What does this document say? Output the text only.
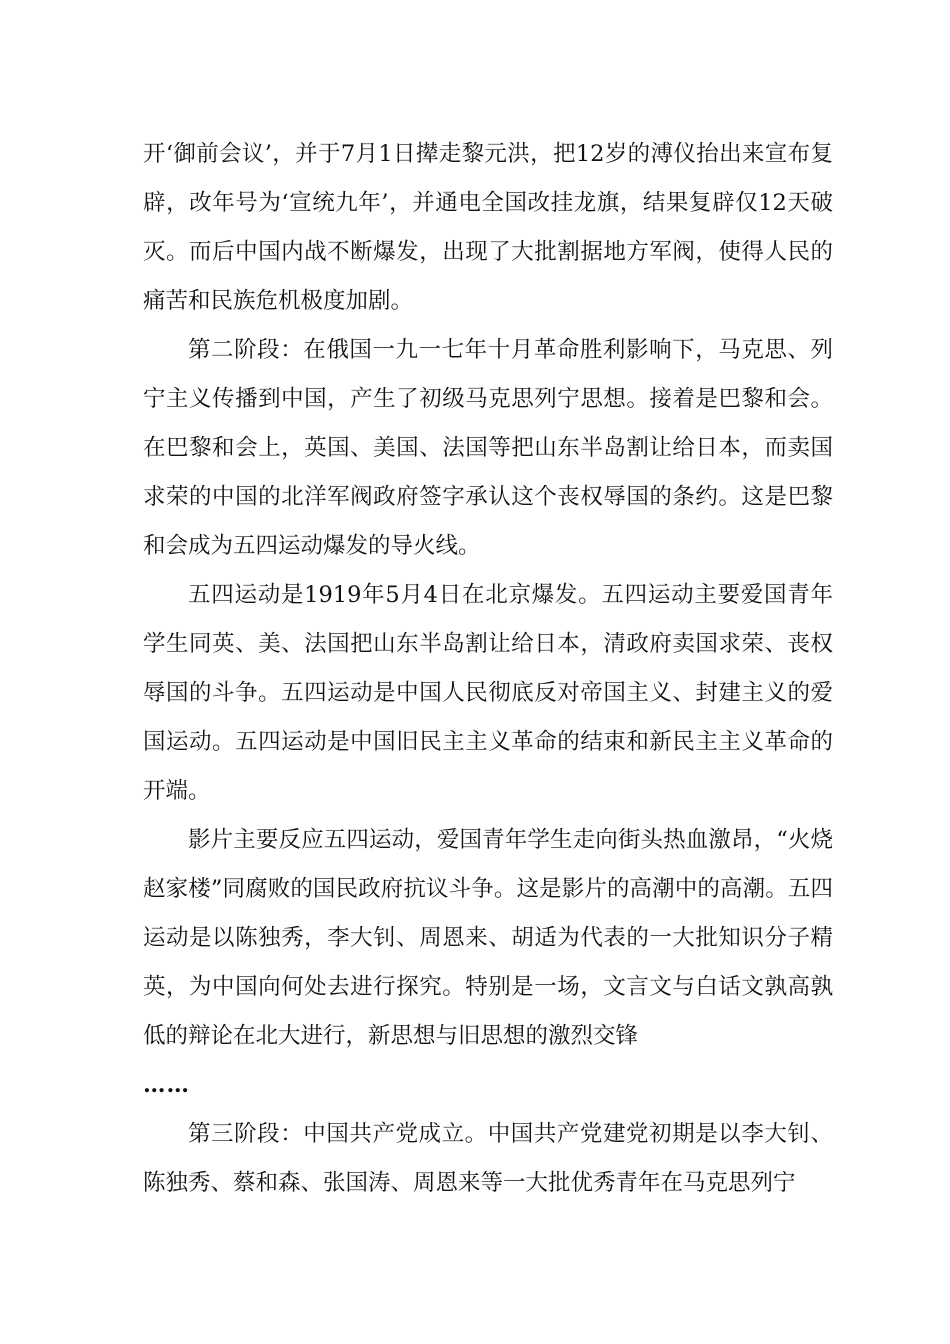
开‘御前会议’，并于7月1日撵走黎元洪，把12岁的溥仪抬出来宣布复辟，改年号为‘宣统九年’，并通电全国改挂龙旗，结果复辟仅12天破灭。而后中国内战不断爆发，出现了大批割据地方军阀，使得人民的痛苦和民族危机极度加剧。

第二阶段：在俄国一九一七年十月革命胜利影响下，马克思、列宁主义传播到中国，产生了初级马克思列宁思想。接着是巴黎和会。在巴黎和会上，英国、美国、法国等把山东半岛割让给日本，而卖国求荣的中国的北洋军阀政府签字承认这个丧权辱国的条约。这是巴黎和会成为五四运动爆发的导火线。

五四运动是1919年5月4日在北京爆发。五四运动主要爱国青年学生同英、美、法国把山东半岛割让给日本，清政府卖国求荣、丧权辱国的斗争。五四运动是中国人民彻底反对帝国主义、封建主义的爱国运动。五四运动是中国旧民主主义革命的结束和新民主主义革命的开端。

影片主要反应五四运动，爱国青年学生走向街头热血激昂，“火烧赵家楼”同腐败的国民政府抗议斗争。这是影片的高潮中的高潮。五四运动是以陈独秀，李大钊、周恩来、胡适为代表的一大批知识分子精英，为中国向何处去进行探究。特别是一场，文言文与白话文孰高孰低的辩论在北大进行，新思想与旧思想的激烈交锋

……

第三阶段：中国共产党成立。中国共产党建党初期是以李大钊、陈独秀、蔡和森、张国涛、周恩来等一大批优秀青年在马克思列宁
